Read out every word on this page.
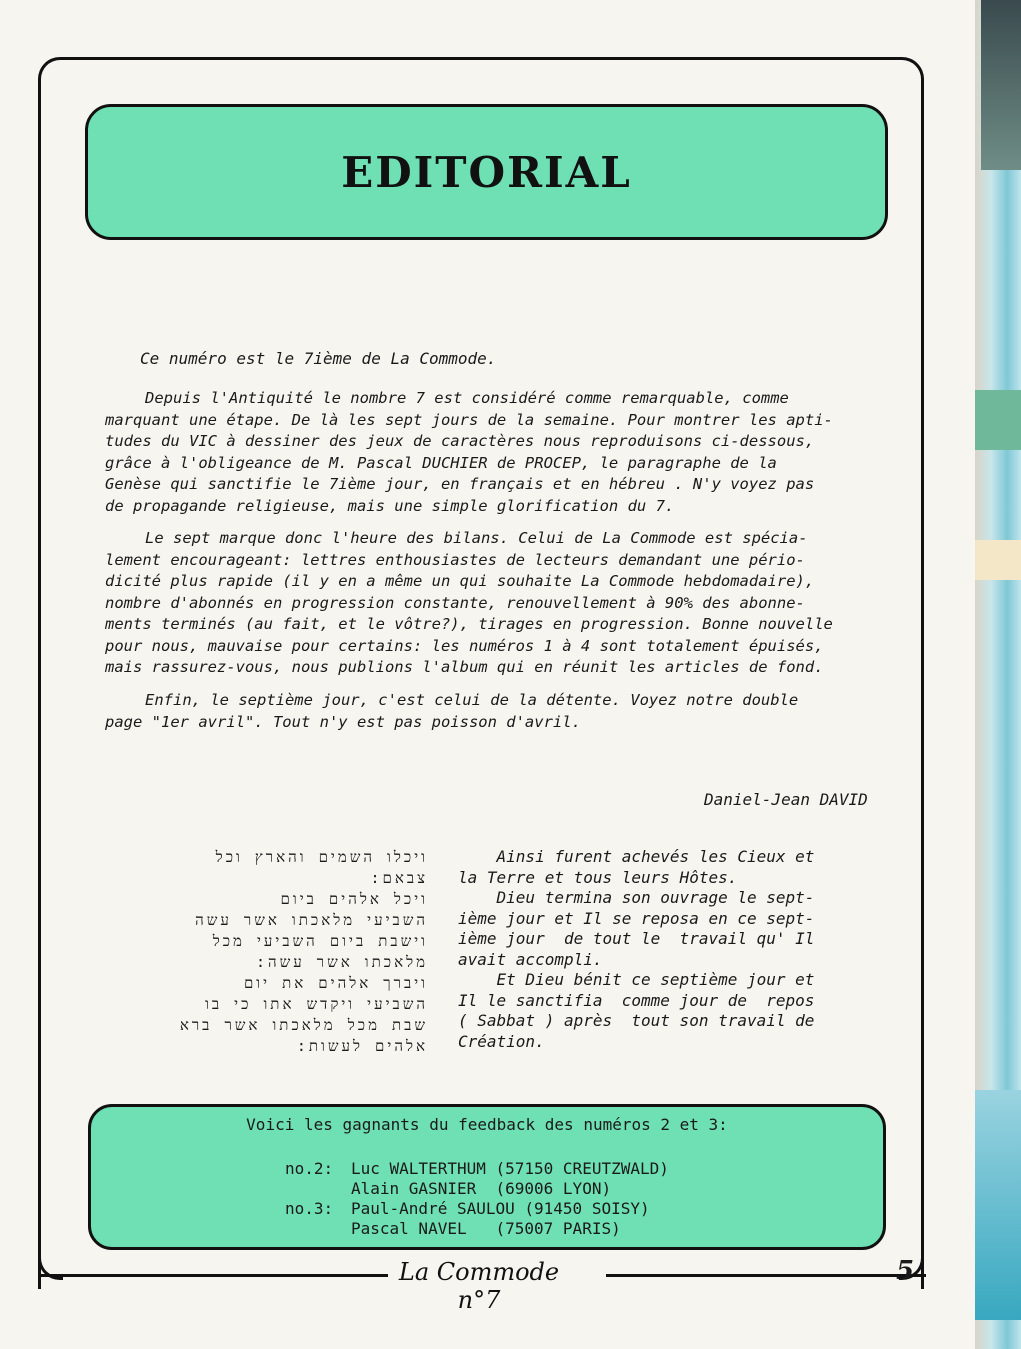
La Commode n°7
5
EDITORIAL
Ce numéro est le 7ième de La Commode.
Depuis l'Antiquité le nombre 7 est considéré comme remarquable, comme
marquant une étape. De là les sept jours de la semaine. Pour montrer les apti-
tudes du VIC à dessiner des jeux de caractères nous reproduisons ci-dessous,
grâce à l'obligeance de M. Pascal DUCHIER de PROCEP, le paragraphe de la
Genèse qui sanctifie le 7ième jour, en français et en hébreu . N'y voyez pas
de propagande religieuse, mais une simple glorification du 7.
Le sept marque donc l'heure des bilans. Celui de La Commode est spécia-
lement encourageant: lettres enthousiastes de lecteurs demandant une pério-
dicité plus rapide (il y en a même un qui souhaite La Commode hebdomadaire),
nombre d'abonnés en progression constante, renouvellement à 90% des abonne-
ments terminés (au fait, et le vôtre?), tirages en progression. Bonne nouvelle
pour nous, mauvaise pour certains: les numéros 1 à 4 sont totalement épuisés,
mais rassurez-vous, nous publions l'album qui en réunit les articles de fond.
Enfin, le septième jour, c'est celui de la détente. Voyez notre double
page "1er avril". Tout n'y est pas poisson d'avril.
Daniel-Jean DAVID
ויכלו השמים והארץ וכל
צבאם:
ויכל אלהים ביום
השביעי מלאכתו אשר עשה
וישבת ביום השביעי מכל
מלאכתו אשר עשה:
ויברך אלהים את יום
השביעי ויקדש אתו כי בו
שבת מכל מלאכתו אשר ברא
אלהים לעשות:
Ainsi furent achevés les Cieux et
la Terre et tous leurs Hôtes.
Dieu termina son ouvrage le sept-
ième jour et Il se reposa en ce sept-
ième jour  de tout le  travail qu' Il
avait accompli.
Et Dieu bénit ce septième jour et
Il le sanctifia  comme jour de  repos
( Sabbat ) après  tout son travail de
Création.
Voici les gagnants du feedback des numéros 2 et 3:
no.2: Luc WALTERTHUM (57150 CREUTZWALD)
Alain GASNIER  (69006 LYON)
no.3: Paul-André SAULOU (91450 SOISY)
Pascal NAVEL   (75007 PARIS)
